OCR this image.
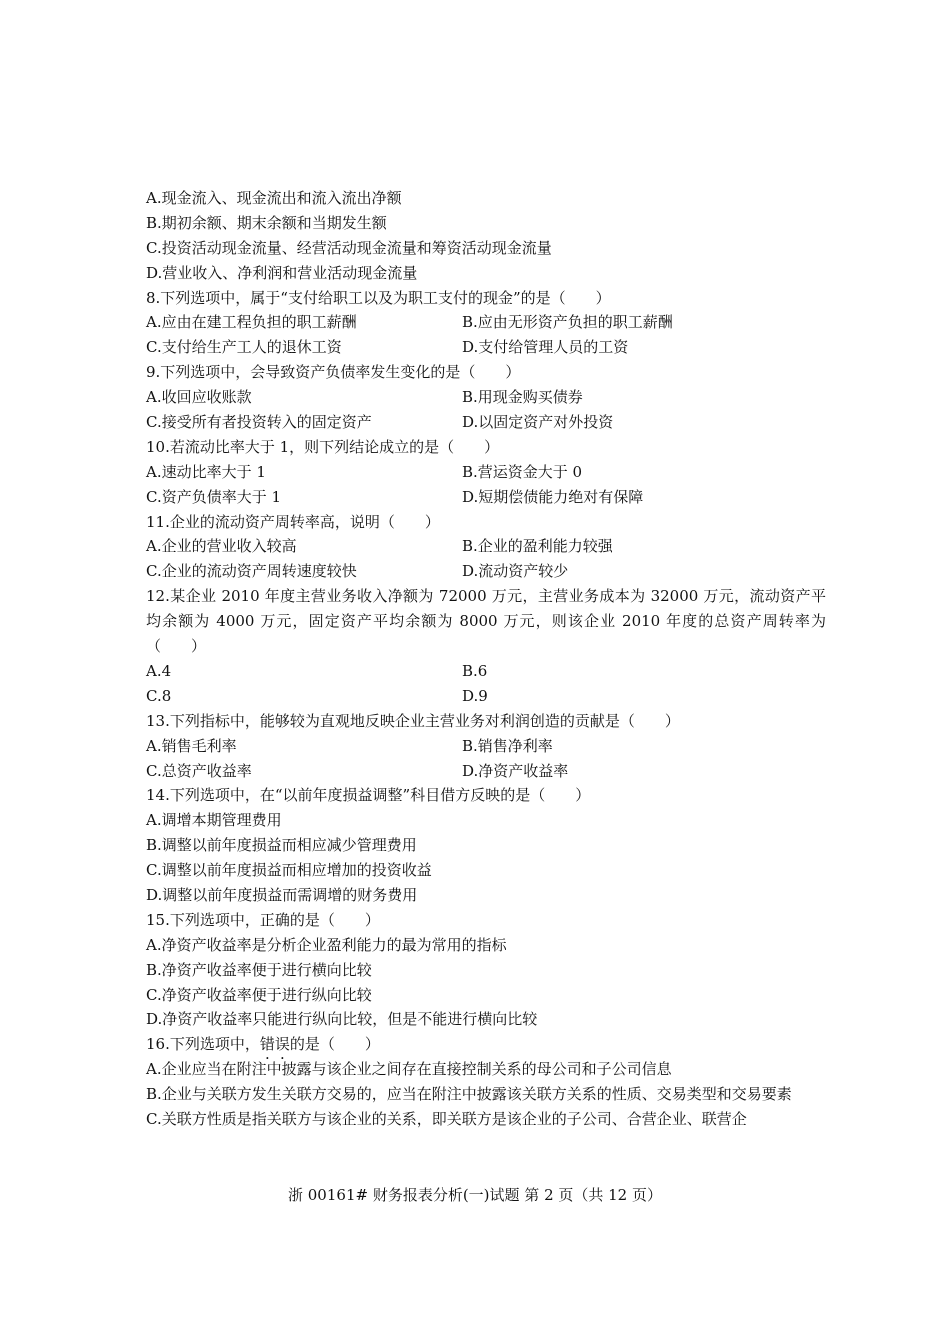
A.现金流入、现金流出和流入流出净额
B.期初余额、期末余额和当期发生额
C.投资活动现金流量、经营活动现金流量和筹资活动现金流量
D.营业收入、净利润和营业活动现金流量
8.下列选项中，属于“支付给职工以及为职工支付的现金”的是（　　）
A.应由在建工程负担的职工薪酬	B.应由无形资产负担的职工薪酬
C.支付给生产工人的退休工资	D.支付给管理人员的工资
9.下列选项中，会导致资产负债率发生变化的是（　　）
A.收回应收账款	B.用现金购买债券
C.接受所有者投资转入的固定资产	D.以固定资产对外投资
10.若流动比率大于 1，则下列结论成立的是（　　）
A.速动比率大于 1	B.营运资金大于 0
C.资产负债率大于 1	D.短期偿债能力绝对有保障
11.企业的流动资产周转率高，说明（　　）
A.企业的营业收入较高	B.企业的盈利能力较强
C.企业的流动资产周转速度较快	D.流动资产较少
12.某企业 2010 年度主营业务收入净额为 72000 万元，主营业务成本为 32000 万元，流动资产平均余额为 4000 万元，固定资产平均余额为 8000 万元，则该企业 2010 年度的总资产周转率为（　　）
A.4	B.6
C.8	D.9
13.下列指标中，能够较为直观地反映企业主营业务对利润创造的贡献是（　　）
A.销售毛利率	B.销售净利率
C.总资产收益率	D.净资产收益率
14.下列选项中，在“以前年度损益调整”科目借方反映的是（　　）
A.调增本期管理费用
B.调整以前年度损益而相应减少管理费用
C.调整以前年度损益而相应增加的投资收益
D.调整以前年度损益而需调增的财务费用
15.下列选项中，正确的是（　　）
A.净资产收益率是分析企业盈利能力的最为常用的指标
B.净资产收益率便于进行横向比较
C.净资产收益率便于进行纵向比较
D.净资产收益率只能进行纵向比较，但是不能进行横向比较
16.下列选项中，错误的是（　　）
A.企业应当在附注中披露与该企业之间存在直接控制关系的母公司和子公司信息
B.企业与关联方发生关联方交易的，应当在附注中披露该关联方关系的性质、交易类型和交易要素
C.关联方性质是指关联方与该企业的关系，即关联方是该企业的子公司、合营企业、联营企
浙 00161# 财务报表分析(一)试题 第 2 页（共 12 页）
